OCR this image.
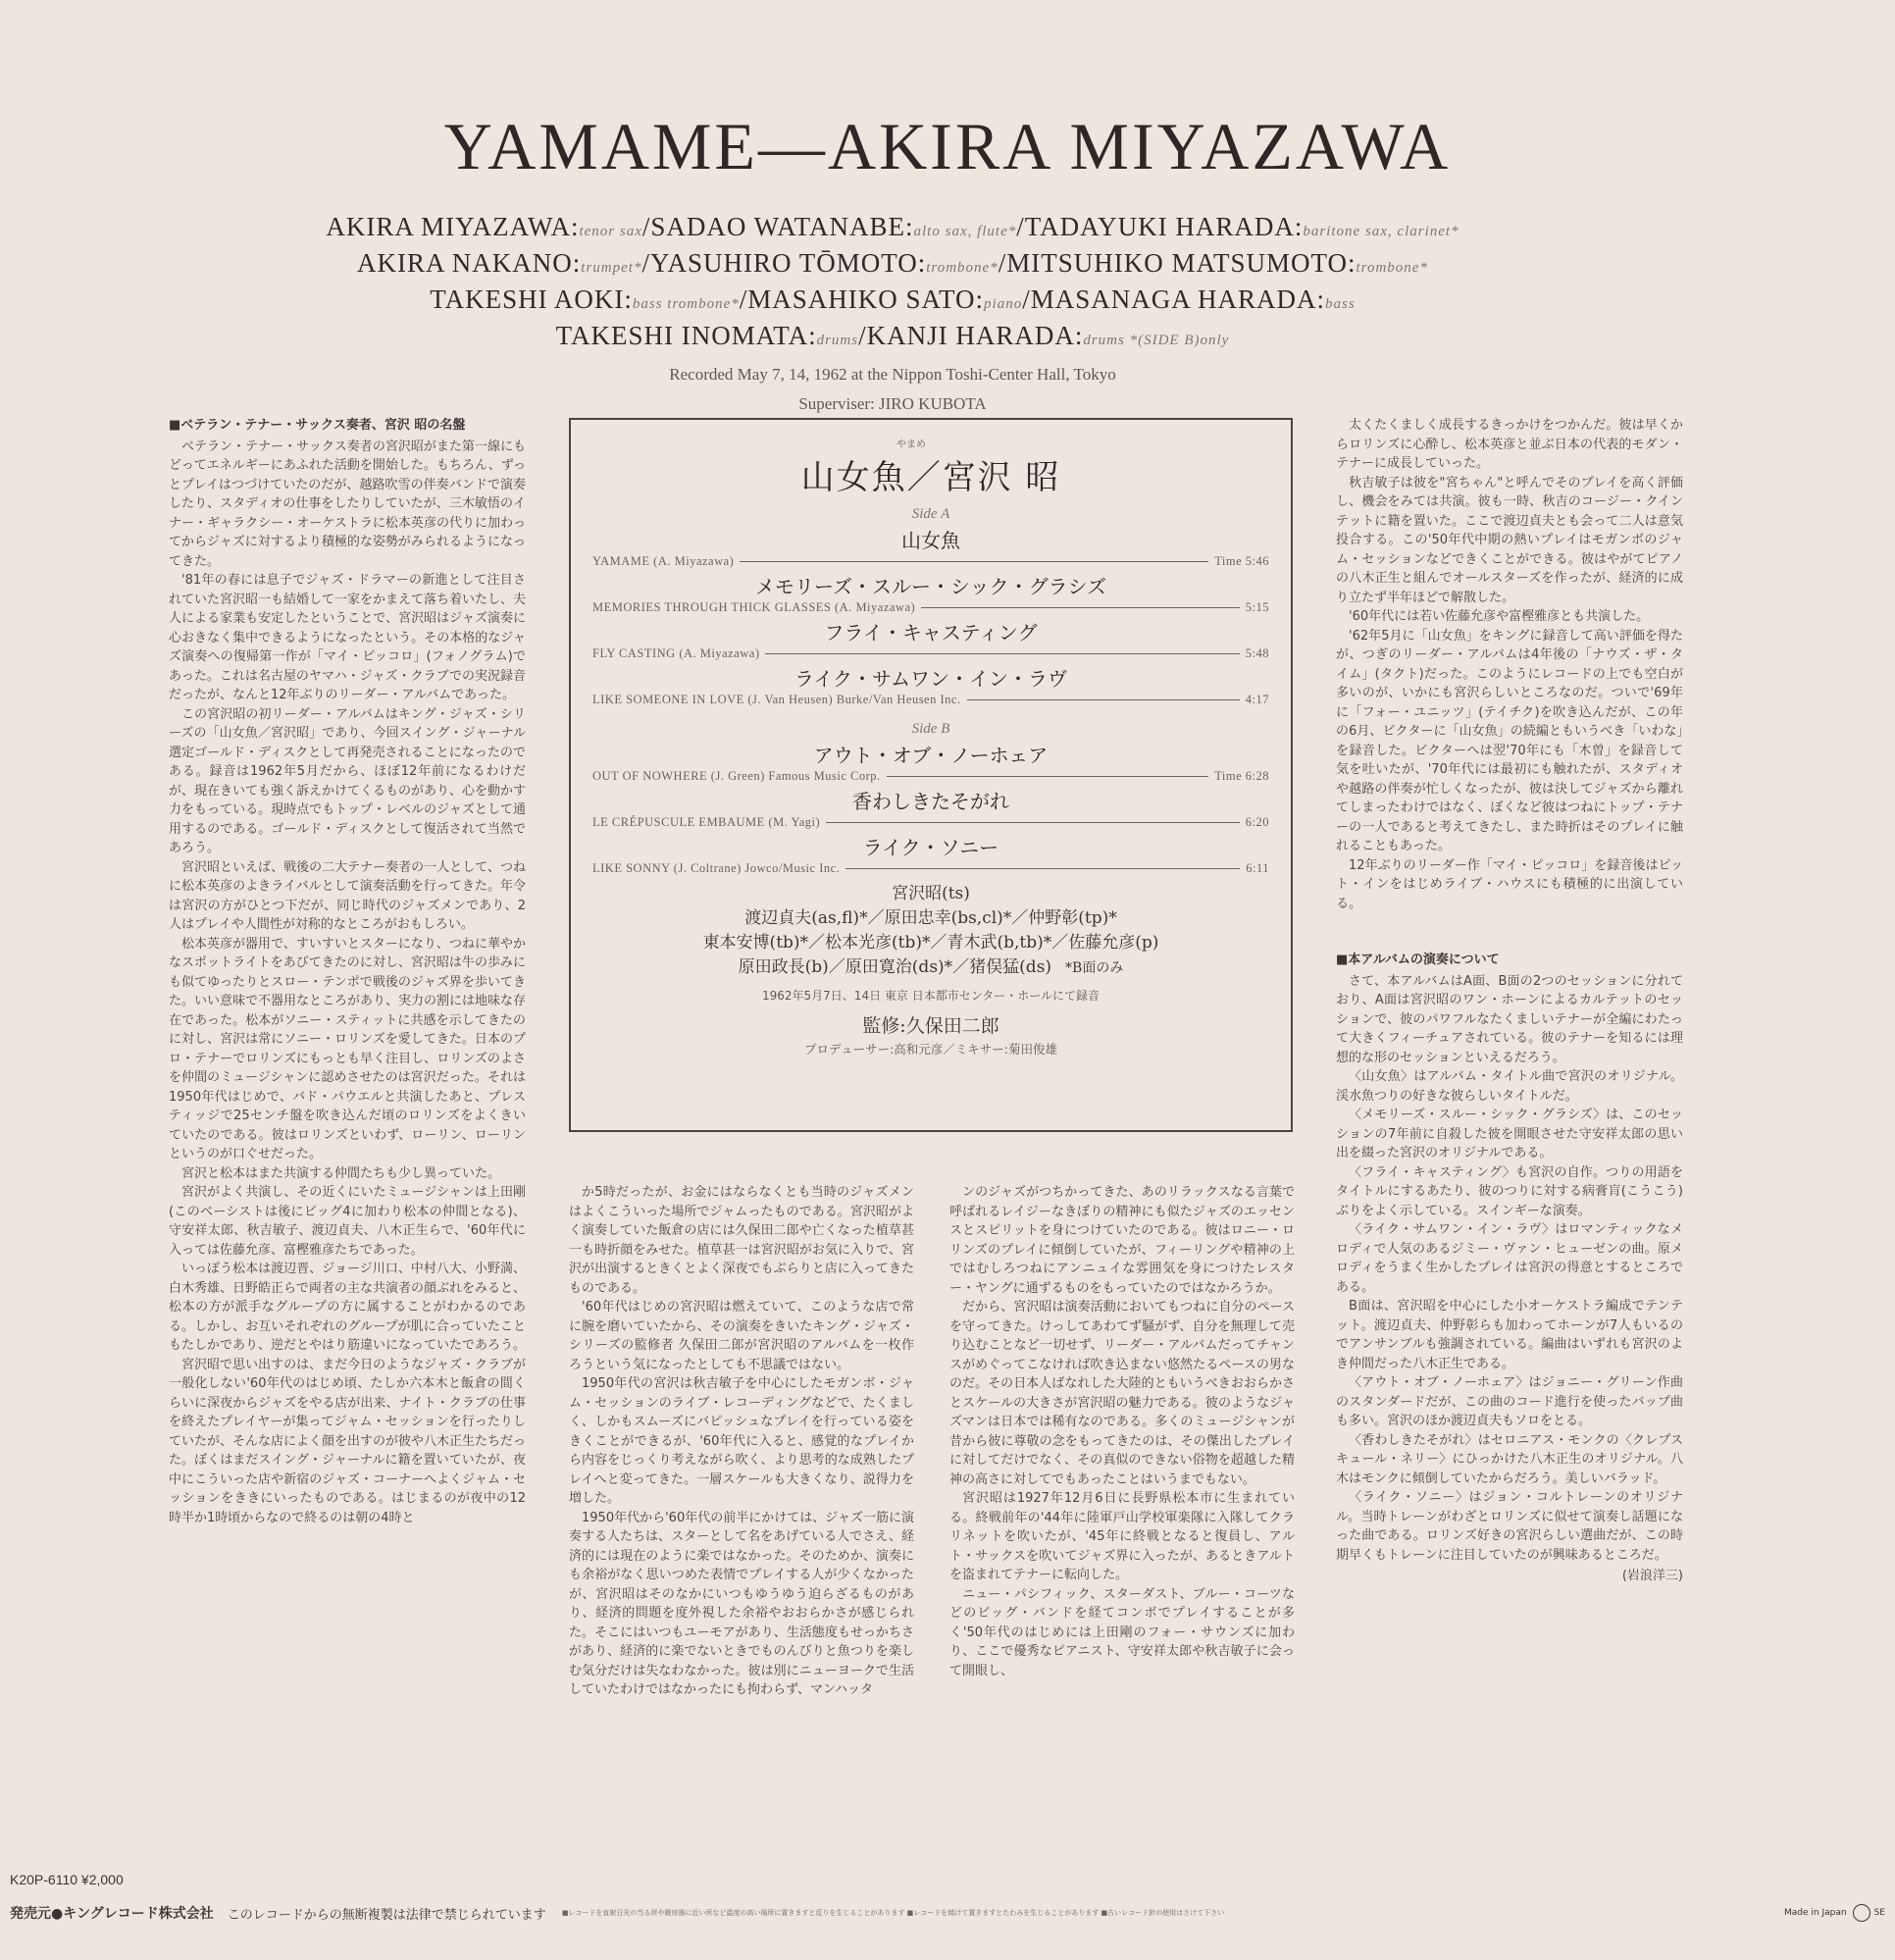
YAMAME—AKIRA MIYAZAWA
AKIRA MIYAZAWA:tenor sax/SADAO WATANABE:alto sax, flute*/TADAYUKI HARADA:baritone sax, clarinet*
AKIRA NAKANO:trumpet*/YASUHIRO TŌMOTO:trombone*/MITSUHIKO MATSUMOTO:trombone*
TAKESHI AOKI:bass trombone*/MASAHIKO SATO:piano/MASANAGA HARADA:bass
TAKESHI INOMATA:drums/KANJI HARADA:drums *(SIDE B)only
Recorded May 7, 14, 1962 at the Nippon Toshi-Center Hall, Tokyo
Superviser: JIRO KUBOTA
■ベテラン・テナー・サックス奏者、宮沢 昭の名盤

ベテラン・テナー・サックス奏者の宮沢昭がまた第一線にもどってエネルギーにあふれた活動を開始した。もちろん、ずっとプレイはつづけていたのだが、越路吹雪の伴奏バンドで演奏したり、スタディオの仕事をしたりしていたが、三木敏悟のイナー・ギャラクシー・オーケストラに松本英彦の代りに加わってからジャズに対するより積極的な姿勢がみられるようになってきた。

'81年の春には息子でジャズ・ドラマーの新進として注目されていた宮沢昭一も結婚して一家をかまえて落ち着いたし、夫人による家業も安定したということで、宮沢昭はジャズ演奏に心おきなく集中できるようになったという。その本格的なジャズ演奏への復帰第一作が「マイ・ピッコロ」(フォノグラム)であった。これは名古屋のヤマハ・ジャズ・クラブでの実況録音だったが、なんと12年ぶりのリーダー・アルバムであった。

この宮沢昭の初リーダー・アルバムはキング・ジャズ・シリーズの「山女魚／宮沢昭」であり、今回スイング・ジャーナル選定ゴールド・ディスクとして再発売されることになったのである。録音は1962年5月だから、ほぼ12年前になるわけだが、現在きいても強く訴えかけてくるものがあり、心を動かす力をもっている。現時点でもトップ・レベルのジャズとして通用するのである。ゴールド・ディスクとして復活されて当然であろう。

宮沢昭といえば、戦後の二大テナー奏者の一人として、つねに松本英彦のよきライバルとして演奏活動を行ってきた。年令は宮沢の方がひとつ下だが、同じ時代のジャズメンであり、2人はプレイや人間性が対称的なところがおもしろい。

松本英彦が器用で、すいすいとスターになり、つねに華やかなスポットライトをあびてきたのに対し、宮沢昭は牛の歩みにも似てゆったりとスロー・テンポで戦後のジャズ界を歩いてきた。いい意味で不器用なところがあり、実力の割には地味な存在であった。松本がソニー・スティットに共感を示してきたのに対し、宮沢は常にソニー・ロリンズを愛してきた。日本のプロ・テナーでロリンズにもっとも早く注目し、ロリンズのよさを仲間のミュージシャンに認めさせたのは宮沢だった。それは1950年代はじめで、バド・パウエルと共演したあと、プレスティッジで25センチ盤を吹き込んだ頃のロリンズをよくきいていたのである。彼はロリンズといわず、ローリン、ローリンというのが口ぐせだった。

宮沢と松本はまた共演する仲間たちも少し異っていた。

宮沢がよく共演し、その近くにいたミュージシャンは上田剛(このベーシストは後にビッグ4に加わり松本の仲間となる)、守安祥太郎、秋吉敏子、渡辺貞夫、八木正生らで、'60年代に入っては佐藤允彦、富樫雅彦たちであった。

いっぽう松本は渡辺晋、ジョージ川口、中村八大、小野満、白木秀雄、日野皓正らで両者の主な共演者の顔ぶれをみると、松本の方が派手なグループの方に属することがわかるのである。しかし、お互いそれぞれのグループが肌に合っていたこともたしかであり、逆だとやはり筋違いになっていたであろう。

宮沢昭で思い出すのは、まだ今日のようなジャズ・クラブが一般化しない'60年代のはじめ頃、たしか六本木と飯倉の間くらいに深夜からジャズをやる店が出来、ナイト・クラブの仕事を終えたプレイヤーが集ってジャム・セッションを行ったりしていたが、そんな店によく顔を出すのが彼や八木正生たちだった。ぼくはまだスイング・ジャーナルに籍を置いていたが、夜中にこういった店や新宿のジャズ・コーナーへよくジャム・セッションをききにいったものである。はじまるのが夜中の12時半か1時頃からなので終るのは朝の4時と

か5時だったが、お金にはならなくとも当時のジャズメンはよくこういった場所でジャムったものである。宮沢昭がよく演奏していた飯倉の店には久保田二郎や亡くなった植草甚一も時折顔をみせた。植草甚一は宮沢昭がお気に入りで、宮沢が出演するときくとよく深夜でもぶらりと店に入ってきたものである。

'60年代はじめの宮沢昭は燃えていて、このような店で常に腕を磨いていたから、その演奏をきいたキング・ジャズ・シリーズの監修者 久保田二郎が宮沢昭のアルバムを一枚作ろうという気になったとしても不思議ではない。

1950年代の宮沢は秋吉敏子を中心にしたモガンボ・ジャム・セッションのライブ・レコーディングなどで、たくましく、しかもスムーズにバピッシュなプレイを行っている姿をきくことができるが、'60年代に入ると、感覚的なプレイから内容をじっくり考えながら吹く、より思考的な成熟したプレイへと変ってきた。一層スケールも大きくなり、説得力を増した。

1950年代から'60年代の前半にかけては、ジャズ一筋に演奏する人たちは、スターとして名をあげている人でさえ、経済的には現在のように楽ではなかった。そのためか、演奏にも余裕がなく思いつめた表情でプレイする人が少くなかったが、宮沢昭はそのなかにいつもゆうゆう迫らざるものがあり、経済的問題を度外視した余裕やおおらかさが感じられた。そこにはいつもユーモアがあり、生活態度もせっかちさがあり、経済的に楽でないときでものんびりと魚つりを楽しむ気分だけは失なわなかった。彼は別にニューヨークで生活していたわけではなかったにも拘わらず、マンハッタ

ンのジャズがつちかってきた、あのリラックスなる言葉で呼ばれるレイジーなきぼりの精神にも似たジャズのエッセンスとスピリットを身につけていたのである。彼はロニー・ロリンズのプレイに傾倒していたが、フィーリングや精神の上ではむしろつねにアンニュイな雰囲気を身につけたレスター・ヤングに通ずるものをもっていたのではなかろうか。

だから、宮沢昭は演奏活動においてもつねに自分のペースを守ってきた。けっしてあわてず騒がず、自分を無理して売り込むことなど一切せず、リーダー・アルバムだってチャンスがめぐってこなければ吹き込まない悠然たるペースの男なのだ。その日本人ばなれした大陸的ともいうべきおおらかさとスケールの大きさが宮沢昭の魅力である。彼のようなジャズマンは日本では稀有なのである。多くのミュージシャンが昔から彼に尊敬の念をもってきたのは、その傑出したプレイに対してだけでなく、その真似のできない俗物を超越した精神の高さに対してでもあったことはいうまでもない。

宮沢昭は1927年12月6日に長野県松本市に生まれている。終戦前年の'44年に陸軍戸山学校軍楽隊に入隊してクラリネットを吹いたが、'45年に終戦となると復員し、アルト・サックスを吹いてジャズ界に入ったが、あるときアルトを盗まれてテナーに転向した。

ニュー・パシフィック、スターダスト、ブルー・コーツなどのビッグ・バンドを経てコンボでプレイすることが多く'50年代のはじめには上田剛のフォー・サウンズに加わり、ここで優秀なピアニスト、守安祥太郎や秋吉敏子に会って開眼し、

太くたくましく成長するきっかけをつかんだ。彼は早くからロリンズに心酔し、松本英彦と並ぶ日本の代表的モダン・テナーに成長していった。

秋吉敏子は彼を"宮ちゃん"と呼んでそのプレイを高く評価し、機会をみては共演。彼も一時、秋吉のコージー・クインテットに籍を置いた。ここで渡辺貞夫とも会って二人は意気投合する。この'50年代中期の熱いプレイはモガンボのジャム・セッションなどできくことができる。彼はやがてピアノの八木正生と組んでオールスターズを作ったが、経済的に成り立たず半年ほどで解散した。

'60年代には若い佐藤允彦や富樫雅彦とも共演した。

'62年5月に「山女魚」をキングに録音して高い評価を得たが、つぎのリーダー・アルバムは4年後の「ナウズ・ザ・タイム」(タクト)だった。このようにレコードの上でも空白が多いのが、いかにも宮沢らしいところなのだ。ついで'69年に「フォー・ユニッツ」(テイチク)を吹き込んだが、この年の6月、ビクターに「山女魚」の続編ともいうべき「いわな」を録音した。ビクターへは翌'70年にも「木曽」を録音して気を吐いたが、'70年代には最初にも触れたが、スタディオや越路の伴奏が忙しくなったが、彼は決してジャズから離れてしまったわけではなく、ぼくなど彼はつねにトップ・テナーの一人であると考えてきたし、また時折はそのプレイに触れることもあった。

12年ぶりのリーダー作「マイ・ピッコロ」を録音後はピット・インをはじめライブ・ハウスにも積極的に出演している。

■本アルバムの演奏について

さて、本アルバムはA面、B面の2つのセッションに分れており、A面は宮沢昭のワン・ホーンによるカルテットのセッションで、彼のパワフルなたくましいテナーが全編にわたって大きくフィーチュアされている。彼のテナーを知るには理想的な形のセッションといえるだろう。

〈山女魚〉はアルバム・タイトル曲で宮沢のオリジナル。渓水魚つりの好きな彼らしいタイトルだ。

〈メモリーズ・スルー・シック・グラシズ〉は、このセッションの7年前に自殺した彼を開眼させた守安祥太郎の思い出を綴った宮沢のオリジナルである。

〈フライ・キャスティング〉も宮沢の自作。つりの用語をタイトルにするあたり、彼のつりに対する病膏肓(こうこう)ぶりをよく示している。スインギーな演奏。

〈ライク・サムワン・イン・ラヴ〉はロマンティックなメロディで人気のあるジミー・ヴァン・ヒューゼンの曲。原メロディをうまく生かしたプレイは宮沢の得意とするところである。

B面は、宮沢昭を中心にした小オーケストラ編成でテンテット。渡辺貞夫、仲野彰らも加わってホーンが7人もいるのでアンサンブルも強調されている。編曲はいずれも宮沢のよき仲間だった八木正生である。

〈アウト・オブ・ノーホェア〉はジョニー・グリーン作曲のスタンダードだが、この曲のコード進行を使ったバップ曲も多い。宮沢のほか渡辺貞夫もソロをとる。

〈香わしきたそがれ〉はセロニアス・モンクの〈クレプスキュール・ネリー〉にひっかけた八木正生のオリジナル。八木はモンクに傾倒していたからだろう。美しいバラッド。

〈ライク・ソニー〉はジョン・コルトレーンのオリジナル。当時トレーンがわざとロリンズに似せて演奏し話題になった曲である。ロリンズ好きの宮沢らしい選曲だが、この時期早くもトレーンに注目していたのが興味あるところだ。

(岩浪洋三)
やまめ
山女魚／宮沢 昭
Side A
山女魚
YAMAME (A. Miyazawa)	Time 5:46
メモリーズ・スルー・シック・グラシズ
MEMORIES THROUGH THICK GLASSES (A. Miyazawa)	5:15
フライ・キャスティング
FLY CASTING (A. Miyazawa)	5:48
ライク・サムワン・イン・ラヴ
LIKE SOMEONE IN LOVE (J. Van Heusen) Burke/Van Heusen Inc.	4:17
Side B
アウト・オブ・ノーホェア
OUT OF NOWHERE (J. Green) Famous Music Corp.	Time 6:28
香わしきたそがれ
LE CRÉPUSCULE EMBAUME (M. Yagi)	6:20
ライク・ソニー
LIKE SONNY (J. Coltrane) Jowco/Music Inc.	6:11
宮沢昭(ts)
渡辺貞夫(as,fl)*／原田忠幸(bs,cl)*／仲野彰(tp)*
東本安博(tb)*／松本光彦(tb)*／青木武(b,tb)*／佐藤允彦(p)
原田政長(b)／原田寛治(ds)*／猪俣猛(ds) *B面のみ
1962年5月7日、14日 東京 日本都市センター・ホールにて録音
監修:久保田二郎
プロデューサー:高和元彦／ミキサー:菊田俊雄
K20P-6110 ¥2,000
発売元●キングレコード株式会社 このレコードからの無断複製は法律で禁じられています ■レコードを直射日光の当る所や暖房器に近い所など温度の高い場所に置きますと反りを生じることがあります ■レコードを傾けて置きますとたわみを生じることがあります ■古いレコード針の使用はさけて下さい	Made in Japan	SE
